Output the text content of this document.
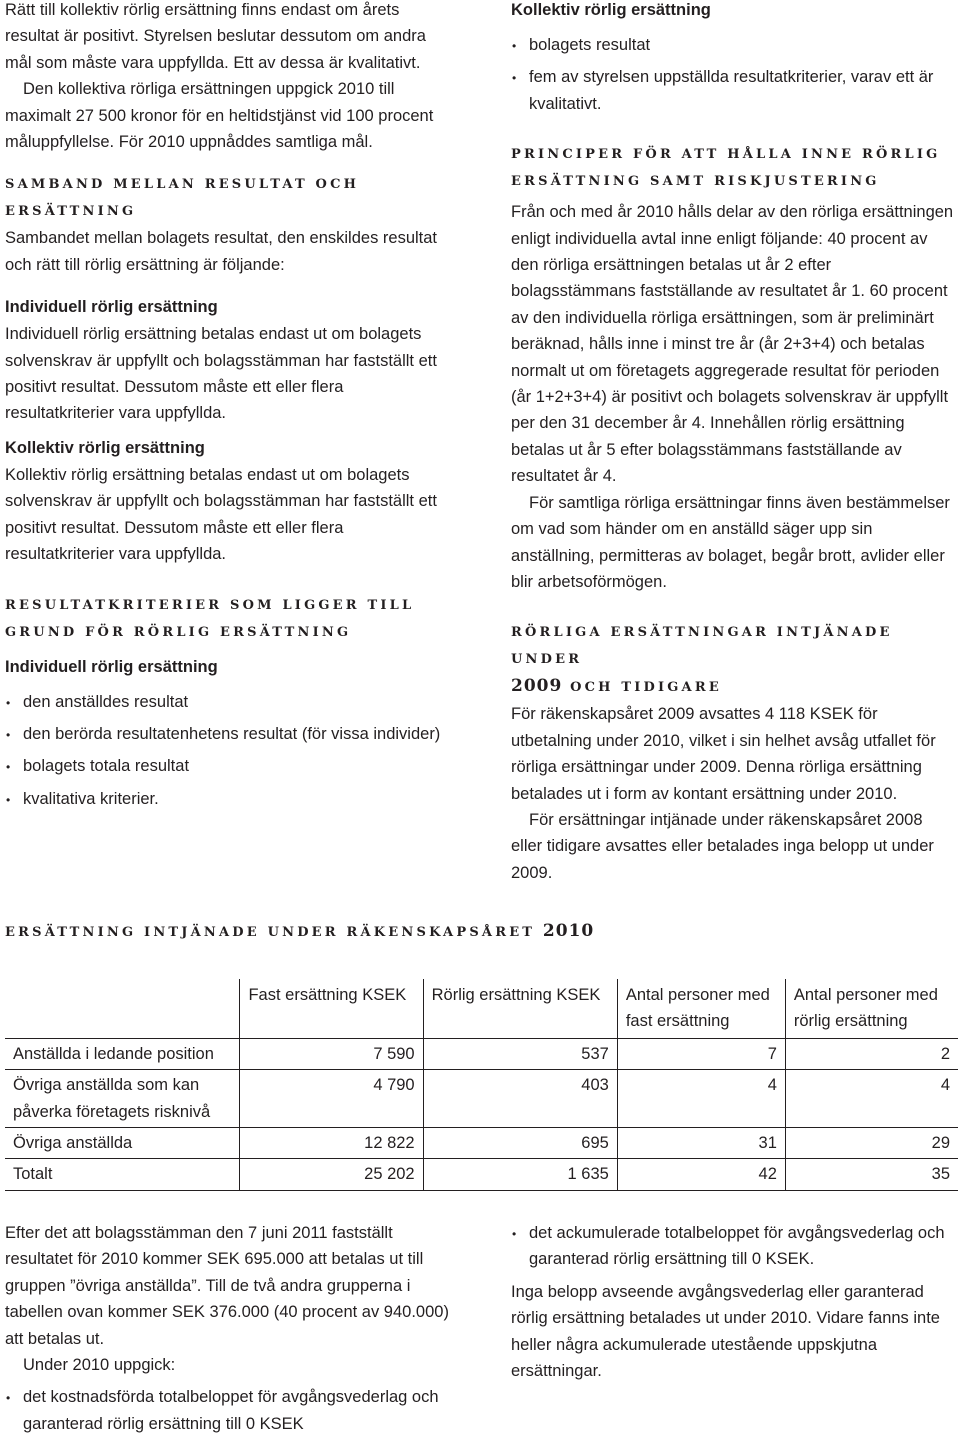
Rätt till kollektiv rörlig ersättning finns endast om årets resultat är positivt. Styrelsen beslutar dessutom om andra mål som måste vara uppfyllda. Ett av dessa är kvalitativt.

Den kollektiva rörliga ersättningen uppgick 2010 till maximalt 27 500 kronor för en heltidstjänst vid 100 procent måluppfyllelse. För 2010 uppnåddes samtliga mål.

SAMBAND MELLAN RESULTAT OCH ERSÄTTNING

Sambandet mellan bolagets resultat, den enskildes resultat och rätt till rörlig ersättning är följande:

Individuell rörlig ersättning

Individuell rörlig ersättning betalas endast ut om bolagets solvenskrav är uppfyllt och bolagsstämman har fastställt ett positivt resultat. Dessutom måste ett eller flera resultatkriterier vara uppfyllda.

Kollektiv rörlig ersättning

Kollektiv rörlig ersättning betalas endast ut om bolagets solvenskrav är uppfyllt och bolagsstämman har fastställt ett positivt resultat. Dessutom måste ett eller flera resultatkriterier vara uppfyllda.

RESULTATKRITERIER SOM LIGGER TILL GRUND FÖR RÖRLIG ERSÄTTNING
Individuell rörlig ersättning
• den anställdes resultat
• den berörda resultatenhetens resultat (för vissa individer)
• bolagets totala resultat
• kvalitativa kriterier.
Kollektiv rörlig ersättning
• bolagets resultat
• fem av styrelsen uppställda resultatkriterier, varav ett är kvalitativt.
PRINCIPER FÖR ATT HÅLLA INNE RÖRLIG ERSÄTTNING SAMT RISKJUSTERING

Från och med år 2010 hålls delar av den rörliga ersättningen enligt individuella avtal inne enligt följande: 40 procent av den rörliga ersättningen betalas ut år 2 efter bolagsstämmans fastställande av resultatet år 1. 60 procent av den individuella rörliga ersättningen, som är preliminärt beräknad, hålls inne i minst tre år (år 2+3+4) och betalas normalt ut om företagets aggregerade resultat för perioden (år 1+2+3+4) är positivt och bolagets solvenskrav är uppfyllt per den 31 december år 4. Innehållen rörlig ersättning betalas ut år 5 efter bolagsstämmans fastställande av resultatet år 4.

För samtliga rörliga ersättningar finns även bestämmelser om vad som händer om en anställd säger upp sin anställning, permitteras av bolaget, begår brott, avlider eller blir arbetsoförmögen.

RÖRLIGA ERSÄTTNINGAR INTJÄNADE UNDER
2009 OCH TIDIGARE

För räkenskapsåret 2009 avsattes 4 118 KSEK för utbetalning under 2010, vilket i sin helhet avsåg utfallet för rörliga ersättningar under 2009. Denna rörliga ersättning betalades ut i form av kontant ersättning under 2010.

För ersättningar intjänade under räkenskapsåret 2008 eller tidigare avsattes eller betalades inga belopp ut under 2009.

ERSÄTTNING INTJÄNADE UNDER RÄKENSKAPSÅRET 2010
	Fast ersättning KSEK	Rörlig ersättning KSEK	Antal personer med fast ersättning	Antal personer med rörlig ersättning
Anställda i ledande position	7 590	537	7	2
Övriga anställda som kan påverka företagets risknivå	4 790	403	4	4
Övriga anställda	12 822	695	31	29
Totalt	25 202	1 635	42	35

Efter det att bolagsstämman den 7 juni 2011 fastställt resultatet för 2010 kommer SEK 695.000 att betalas ut till gruppen ”övriga anställda”. Till de två andra grupperna i tabellen ovan kommer SEK 376.000 (40 procent av 940.000) att betalas ut.

Under 2010 uppgick:

• det kostnadsförda totalbeloppet för avgångsvederlag och garanterad rörlig ersättning till 0 KSEK
• det ackumulerade totalbeloppet för avgångsvederlag och garanterad rörlig ersättning till 0 KSEK.

Inga belopp avseende avgångsvederlag eller garanterad rörlig ersättning betalades ut under 2010. Vidare fanns inte heller några ackumulerade utestående uppskjutna ersättningar.
